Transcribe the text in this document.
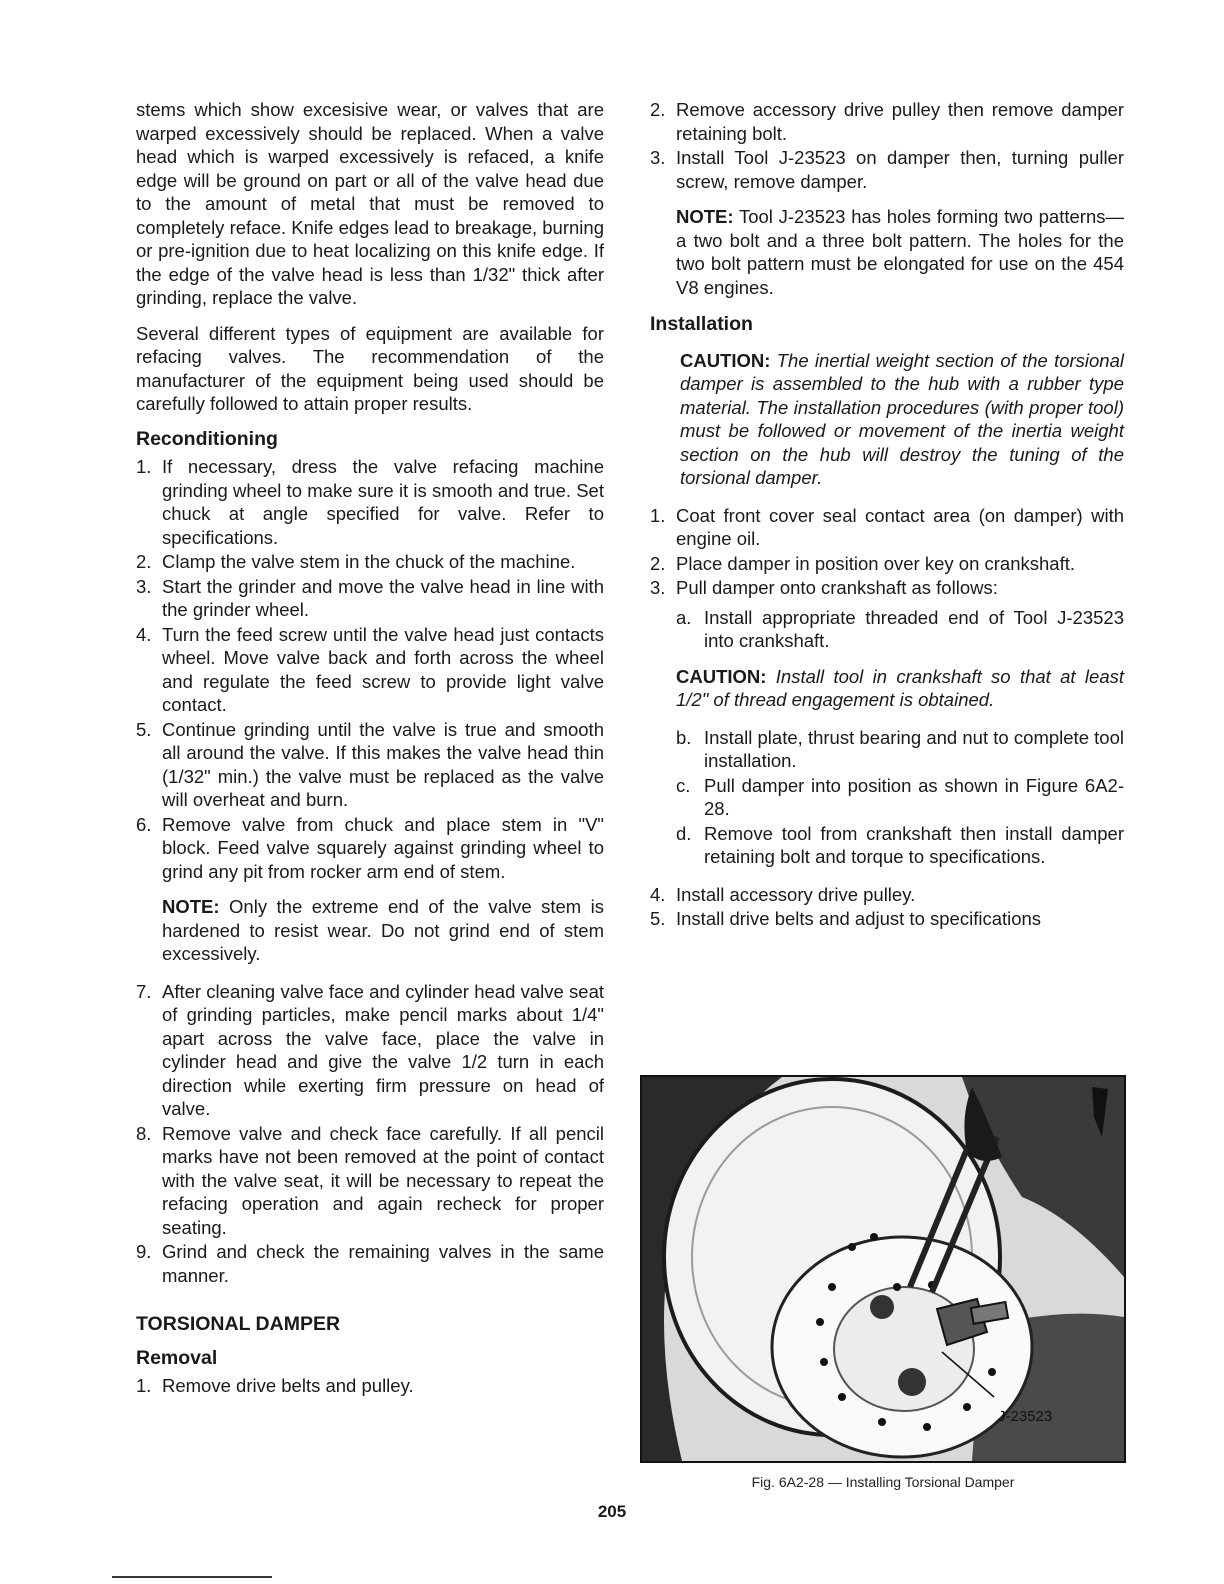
stems which show excesisive wear, or valves that are warped excessively should be replaced. When a valve head which is warped excessively is refaced, a knife edge will be ground on part or all of the valve head due to the amount of metal that must be removed to completely reface. Knife edges lead to breakage, burning or pre-ignition due to heat localizing on this knife edge. If the edge of the valve head is less than 1/32" thick after grinding, replace the valve.

Several different types of equipment are available for refacing valves. The recommendation of the manufacturer of the equipment being used should be carefully followed to attain proper results.

Reconditioning
1. If necessary, dress the valve refacing machine grinding wheel to make sure it is smooth and true. Set chuck at angle specified for valve. Refer to specifications.
2. Clamp the valve stem in the chuck of the machine.
3. Start the grinder and move the valve head in line with the grinder wheel.
4. Turn the feed screw until the valve head just contacts wheel. Move valve back and forth across the wheel and regulate the feed screw to provide light valve contact.
5. Continue grinding until the valve is true and smooth all around the valve. If this makes the valve head thin (1/32" min.) the valve must be replaced as the valve will overheat and burn.
6. Remove valve from chuck and place stem in "V" block. Feed valve squarely against grinding wheel to grind any pit from rocker arm end of stem.

NOTE: Only the extreme end of the valve stem is hardened to resist wear. Do not grind end of stem excessively.

7. After cleaning valve face and cylinder head valve seat of grinding particles, make pencil marks about 1/4" apart across the valve face, place the valve in cylinder head and give the valve 1/2 turn in each direction while exerting firm pressure on head of valve.
8. Remove valve and check face carefully. If all pencil marks have not been removed at the point of contact with the valve seat, it will be necessary to repeat the refacing operation and again recheck for proper seating.
9. Grind and check the remaining valves in the same manner.
TORSIONAL DAMPER
Removal
1. Remove drive belts and pulley.
2. Remove accessory drive pulley then remove damper retaining bolt.
3. Install Tool J-23523 on damper then, turning puller screw, remove damper.

NOTE: Tool J-23523 has holes forming two patterns—a two bolt and a three bolt pattern. The holes for the two bolt pattern must be elongated for use on the 454 V8 engines.

Installation

CAUTION: The inertial weight section of the torsional damper is assembled to the hub with a rubber type material. The installation procedures (with proper tool) must be followed or movement of the inertia weight section on the hub will destroy the tuning of the torsional damper.

1. Coat front cover seal contact area (on damper) with engine oil.
2. Place damper in position over key on crankshaft.
3. Pull damper onto crankshaft as follows:
a. Install appropriate threaded end of Tool J-23523 into crankshaft.

CAUTION: Install tool in crankshaft so that at least 1/2" of thread engagement is obtained.

b. Install plate, thrust bearing and nut to complete tool installation.
c. Pull damper into position as shown in Figure 6A2-28.
d. Remove tool from crankshaft then install damper retaining bolt and torque to specifications.
4. Install accessory drive pulley.
5. Install drive belts and adjust to specifications
J-23523
Fig. 6A2-28 — Installing Torsional Damper
205
